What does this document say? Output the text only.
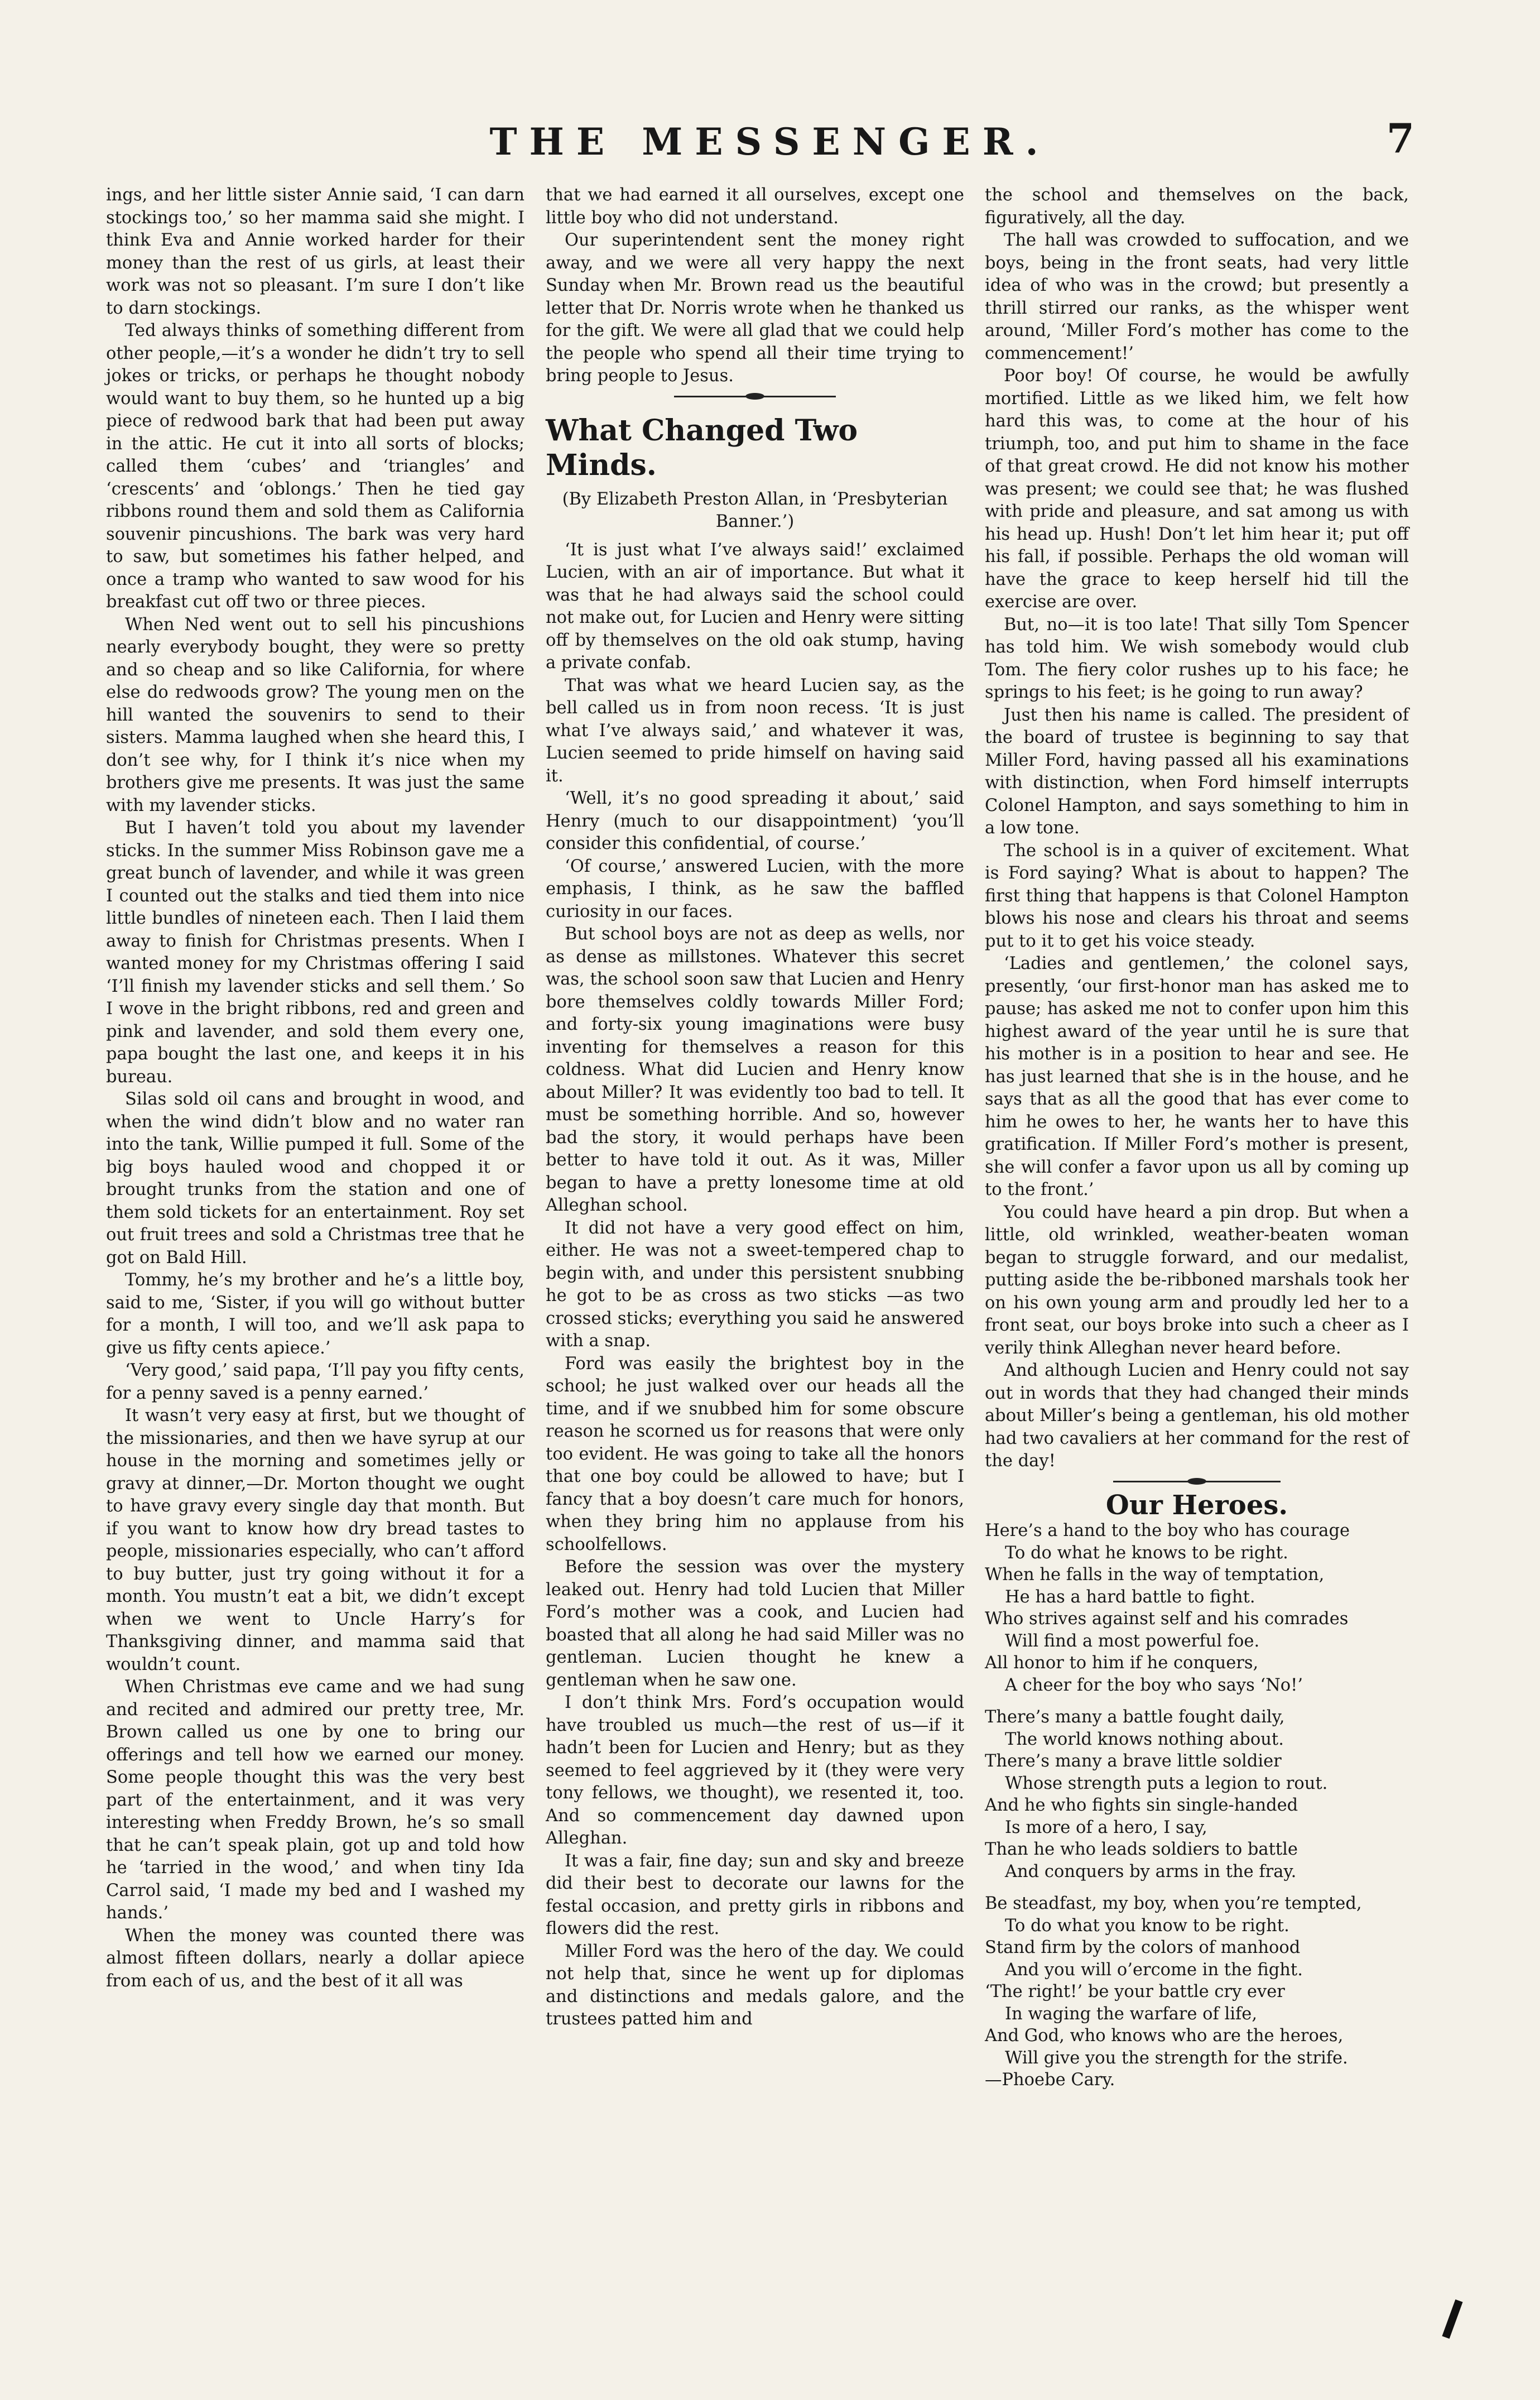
THE MESSENGER.	7

ings, and her little sister Annie said, ‘I can darn stockings too,’ so her mamma said she might. I think Eva and Annie worked harder for their money than the rest of us girls, at least their work was not so pleasant. I’m sure I don’t like to darn stockings.

Ted always thinks of something different from other people,—it’s a wonder he didn’t try to sell jokes or tricks, or perhaps he thought nobody would want to buy them, so he hunted up a big piece of redwood bark that had been put away in the attic. He cut it into all sorts of blocks; called them ‘cubes’ and ‘triangles’ and ‘crescents’ and ‘oblongs.’ Then he tied gay ribbons round them and sold them as California souvenir pincushions. The bark was very hard to saw, but sometimes his father helped, and once a tramp who wanted to saw wood for his breakfast cut off two or three pieces.

When Ned went out to sell his pincushions nearly everybody bought, they were so pretty and so cheap and so like California, for where else do redwoods grow? The young men on the hill wanted the souvenirs to send to their sisters. Mamma laughed when she heard this, I don’t see why, for I think it’s nice when my brothers give me presents. It was just the same with my lavender sticks.

But I haven’t told you about my lavender sticks. In the summer Miss Robinson gave me a great bunch of lavender, and while it was green I counted out the stalks and tied them into nice little bundles of nineteen each. Then I laid them away to finish for Christmas presents. When I wanted money for my Christmas offering I said ‘I’ll finish my lavender sticks and sell them.’ So I wove in the bright ribbons, red and green and pink and lavender, and sold them every one, papa bought the last one, and keeps it in his bureau.

Silas sold oil cans and brought in wood, and when the wind didn’t blow and no water ran into the tank, Willie pumped it full. Some of the big boys hauled wood and chopped it or brought trunks from the station and one of them sold tickets for an entertainment. Roy set out fruit trees and sold a Christmas tree that he got on Bald Hill.

Tommy, he’s my brother and he’s a little boy, said to me, ‘Sister, if you will go without butter for a month, I will too, and we’ll ask papa to give us fifty cents apiece.’

‘Very good,’ said papa, ‘I’ll pay you fifty cents, for a penny saved is a penny earned.’

It wasn’t very easy at first, but we thought of the missionaries, and then we have syrup at our house in the morning and sometimes jelly or gravy at dinner,—Dr. Morton thought we ought to have gravy every single day that month. But if you want to know how dry bread tastes to people, missionaries especially, who can’t afford to buy butter, just try going without it for a month. You mustn’t eat a bit, we didn’t except when we went to Uncle Harry’s for Thanksgiving dinner, and mamma said that wouldn’t count.

When Christmas eve came and we had sung and recited and admired our pretty tree, Mr. Brown called us one by one to bring our offerings and tell how we earned our money. Some people thought this was the very best part of the entertainment, and it was very interesting when Freddy Brown, he’s so small that he can’t speak plain, got up and told how he ‘tarried in the wood,’ and when tiny Ida Carrol said, ‘I made my bed and I washed my hands.’

When the money was counted there was almost fifteen dollars, nearly a dollar apiece from each of us, and the best of it all was

that we had earned it all ourselves, except one little boy who did not understand.

Our superintendent sent the money right away, and we were all very happy the next Sunday when Mr. Brown read us the beautiful letter that Dr. Norris wrote when he thanked us for the gift. We were all glad that we could help the people who spend all their time trying to bring people to Jesus.

What Changed Two Minds.

(By Elizabeth Preston Allan, in ‘Presbyterian Banner.’)

‘It is just what I’ve always said!’ exclaimed Lucien, with an air of importance. But what it was that he had always said the school could not make out, for Lucien and Henry were sitting off by themselves on the old oak stump, having a private confab.

That was what we heard Lucien say, as the bell called us in from noon recess. ‘It is just what I’ve always said,’ and whatever it was, Lucien seemed to pride himself on having said it.

‘Well, it’s no good spreading it about,’ said Henry (much to our disappointment) ‘you’ll consider this confidential, of course.’

‘Of course,’ answered Lucien, with the more emphasis, I think, as he saw the baffled curiosity in our faces.

But school boys are not as deep as wells, nor as dense as millstones. Whatever this secret was, the school soon saw that Lucien and Henry bore themselves coldly towards Miller Ford; and forty-six young imaginations were busy inventing for themselves a reason for this coldness. What did Lucien and Henry know about Miller? It was evidently too bad to tell. It must be something horrible. And so, however bad the story, it would perhaps have been better to have told it out. As it was, Miller began to have a pretty lonesome time at old Alleghan school.

It did not have a very good effect on him, either. He was not a sweet-tempered chap to begin with, and under this persistent snubbing he got to be as cross as two sticks —as two crossed sticks; everything you said he answered with a snap.

Ford was easily the brightest boy in the school; he just walked over our heads all the time, and if we snubbed him for some obscure reason he scorned us for reasons that were only too evident. He was going to take all the honors that one boy could be allowed to have; but I fancy that a boy doesn’t care much for honors, when they bring him no applause from his schoolfellows.

Before the session was over the mystery leaked out. Henry had told Lucien that Miller Ford’s mother was a cook, and Lucien had boasted that all along he had said Miller was no gentleman. Lucien thought he knew a gentleman when he saw one.

I don’t think Mrs. Ford’s occupation would have troubled us much—the rest of us—if it hadn’t been for Lucien and Henry; but as they seemed to feel aggrieved by it (they were very tony fellows, we thought), we resented it, too. And so commencement day dawned upon Alleghan.

It was a fair, fine day; sun and sky and breeze did their best to decorate our lawns for the festal occasion, and pretty girls in ribbons and flowers did the rest.

Miller Ford was the hero of the day. We could not help that, since he went up for diplomas and distinctions and medals galore, and the trustees patted him and

the school and themselves on the back, figuratively, all the day.

The hall was crowded to suffocation, and we boys, being in the front seats, had very little idea of who was in the crowd; but presently a thrill stirred our ranks, as the whisper went around, ‘Miller Ford’s mother has come to the commencement!’

Poor boy! Of course, he would be awfully mortified. Little as we liked him, we felt how hard this was, to come at the hour of his triumph, too, and put him to shame in the face of that great crowd. He did not know his mother was present; we could see that; he was flushed with pride and pleasure, and sat among us with his head up. Hush! Don’t let him hear it; put off his fall, if possible. Perhaps the old woman will have the grace to keep herself hid till the exercise are over.

But, no—it is too late! That silly Tom Spencer has told him. We wish somebody would club Tom. The fiery color rushes up to his face; he springs to his feet; is he going to run away?

Just then his name is called. The president of the board of trustee is beginning to say that Miller Ford, having passed all his examinations with distinction, when Ford himself interrupts Colonel Hampton, and says something to him in a low tone.

The school is in a quiver of excitement. What is Ford saying? What is about to happen? The first thing that happens is that Colonel Hampton blows his nose and clears his throat and seems put to it to get his voice steady.

‘Ladies and gentlemen,’ the colonel says, presently, ‘our first-honor man has asked me to pause; has asked me not to confer upon him this highest award of the year until he is sure that his mother is in a position to hear and see. He has just learned that she is in the house, and he says that as all the good that has ever come to him he owes to her, he wants her to have this gratification. If Miller Ford’s mother is present, she will confer a favor upon us all by coming up to the front.’

You could have heard a pin drop. But when a little, old wrinkled, weather-beaten woman began to struggle forward, and our medalist, putting aside the be-ribboned marshals took her on his own young arm and proudly led her to a front seat, our boys broke into such a cheer as I verily think Alleghan never heard before.

And although Lucien and Henry could not say out in words that they had changed their minds about Miller’s being a gentleman, his old mother had two cavaliers at her command for the rest of the day!

Our Heroes.
Here’s a hand to the boy who has courage
To do what he knows to be right.
When he falls in the way of temptation,
He has a hard battle to fight.
Who strives against self and his comrades
Will find a most powerful foe.
All honor to him if he conquers,
A cheer for the boy who says ‘No!’
There’s many a battle fought daily,
The world knows nothing about.
There’s many a brave little soldier
Whose strength puts a legion to rout.
And he who fights sin single-handed
Is more of a hero, I say,
Than he who leads soldiers to battle
And conquers by arms in the fray.
Be steadfast, my boy, when you’re tempted,
To do what you know to be right.
Stand firm by the colors of manhood
And you will o’ercome in the fight.
‘The right!’ be your battle cry ever
In waging the warfare of life,
And God, who knows who are the heroes,
Will give you the strength for the strife.
—Phoebe Cary.
